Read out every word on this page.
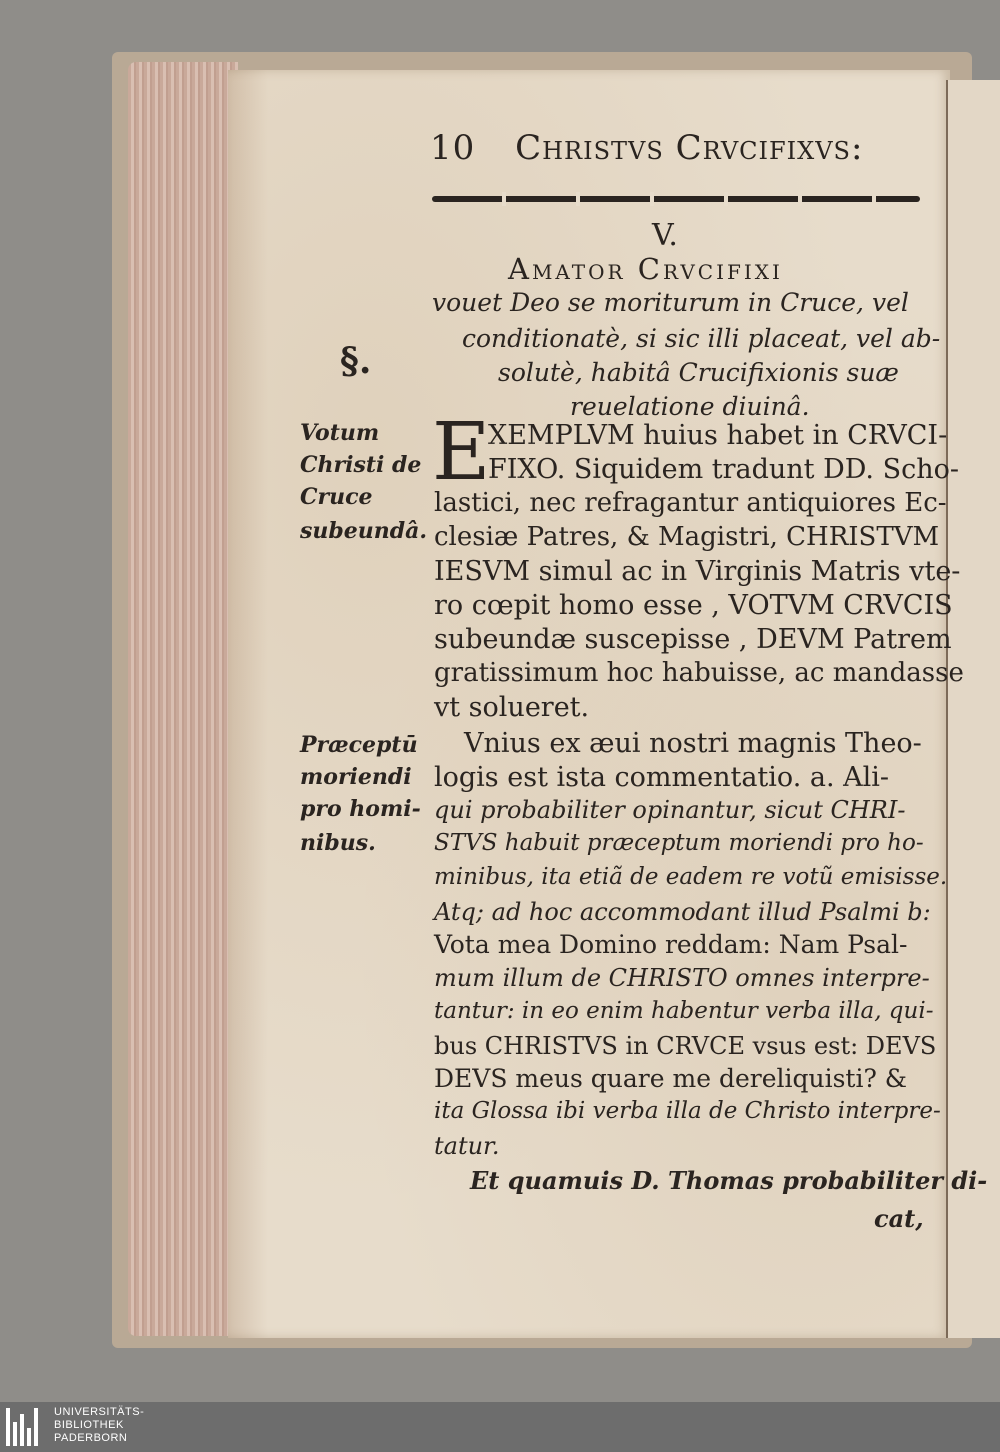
10 Christvs Crvcifixvs:
V.
Amator Crvcifixi
vouet Deo se moriturum in Cruce, vel
conditionatè, si sic illi placeat, vel ab-
solutè, habitâ Crucifixionis suæ
reuelatione diuinâ.
§.
Votum
Christi de
Cruce
subeundâ.
Præceptū
moriendi
pro homi-
nibus.
E
XEMPLVM huius habet in CRVCI-
FIXO. Siquidem tradunt DD. Scho-
lastici, nec refragantur antiquiores Ec-
clesiæ Patres, & Magistri, CHRISTVM
IESVM simul ac in Virginis Matris vte-
ro cœpit homo esse , VOTVM CRVCIS
subeundæ suscepisse , DEVM Patrem
gratissimum hoc habuisse, ac mandasse
vt solueret.
Vnius ex æui nostri magnis Theo-
logis est ista commentatio. a. Ali-
qui probabiliter opinantur, sicut CHRI-
STVS habuit præceptum moriendi pro ho-
minibus, ita etiã de eadem re votũ emisisse.
Atq; ad hoc accommodant illud Psalmi b:
Vota mea Domino reddam: Nam Psal-
mum illum de CHRISTO omnes interpre-
tantur: in eo enim habentur verba illa, qui-
bus CHRISTVS in CRVCE vsus est: DEVS
DEVS meus quare me dereliquisti? &
ita Glossa ibi verba illa de Christo interpre-
tatur.
Et quamuis D. Thomas probabiliter di-
cat,
UNIVERSITÄTS-
BIBLIOTHEK
PADERBORN
